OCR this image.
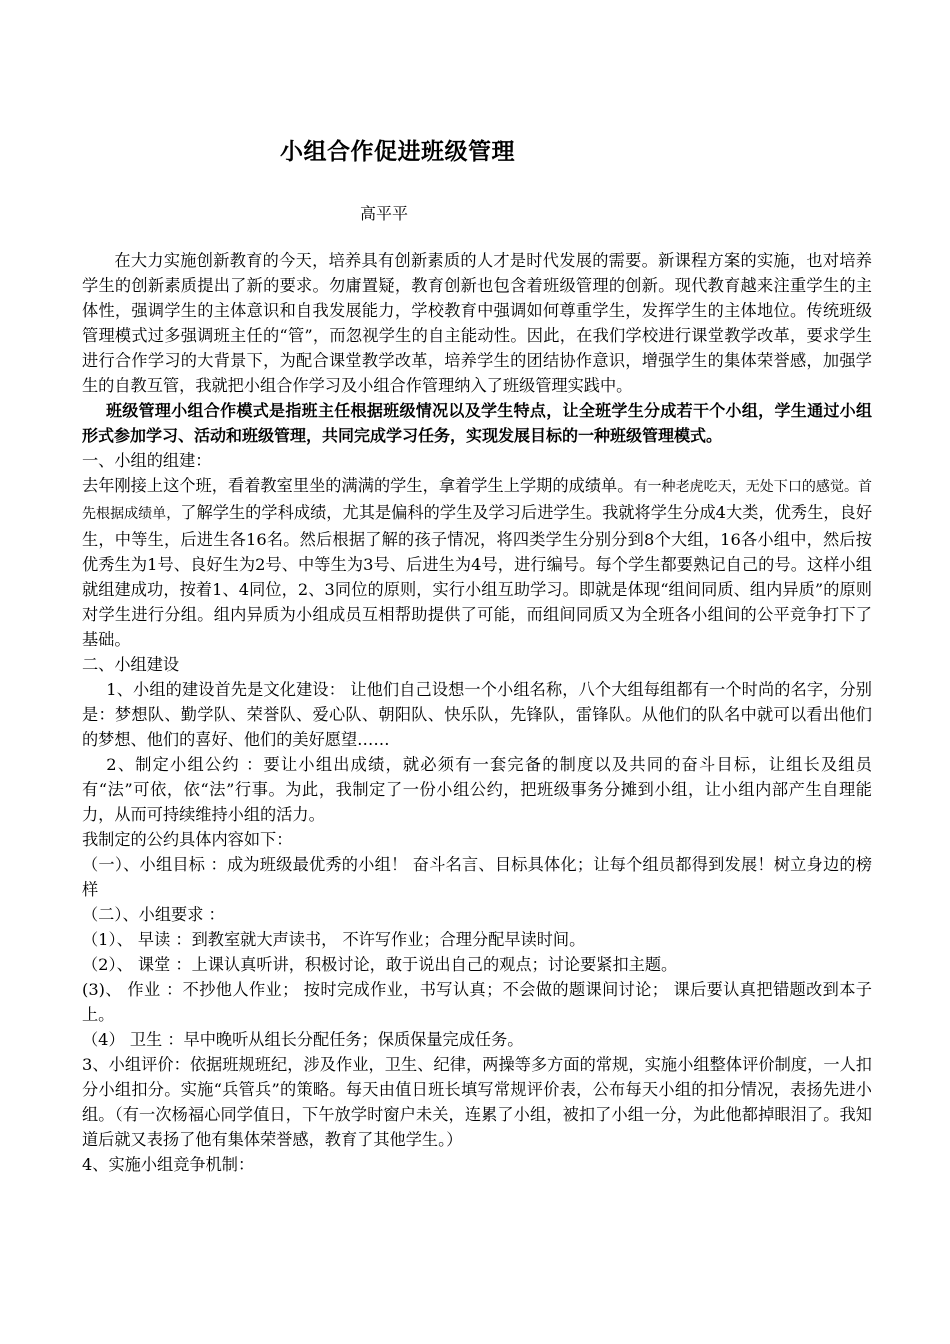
小组合作促进班级管理
高平平

在大力实施创新教育的今天，培养具有创新素质的人才是时代发展的需要。新课程方案的实施，也对培养学生的创新素质提出了新的要求。勿庸置疑，教育创新也包含着班级管理的创新。现代教育越来注重学生的主体性，强调学生的主体意识和自我发展能力，学校教育中强调如何尊重学生，发挥学生的主体地位。传统班级管理模式过多强调班主任的“管”，而忽视学生的自主能动性。因此，在我们学校进行课堂教学改革，要求学生进行合作学习的大背景下，为配合课堂教学改革，培养学生的团结协作意识，增强学生的集体荣誉感，加强学生的自教互管，我就把小组合作学习及小组合作管理纳入了班级管理实践中。

班级管理小组合作模式是指班主任根据班级情况以及学生特点，让全班学生分成若干个小组，学生通过小组形式参加学习、活动和班级管理，共同完成学习任务，实现发展目标的一种班级管理模式。

一、小组的组建：

去年刚接上这个班，看着教室里坐的满满的学生，拿着学生上学期的成绩单。有一种老虎吃天，无处下口的感觉。首先根据成绩单，了解学生的学科成绩，尤其是偏科的学生及学习后进学生。我就将学生分成4大类，优秀生，良好生，中等生，后进生各16名。然后根据了解的孩子情况，将四类学生分别分到8个大组，16各小组中，然后按优秀生为1号、良好生为2号、中等生为3号、后进生为4号，进行编号。每个学生都要熟记自己的号。这样小组就组建成功，按着1、4同位，2、3同位的原则，实行小组互助学习。即就是体现“组间同质、组内异质”的原则对学生进行分组。组内异质为小组成员互相帮助提供了可能，而组间同质又为全班各小组间的公平竞争打下了基础。

二、小组建设

1、小组的建设首先是文化建设： 让他们自己设想一个小组名称，八个大组每组都有一个时尚的名字，分别是：梦想队、勤学队、荣誉队、爱心队、朝阳队、快乐队，先锋队，雷锋队。从他们的队名中就可以看出他们的梦想、他们的喜好、他们的美好愿望……

2、制定小组公约 ：要让小组出成绩，就必须有一套完备的制度以及共同的奋斗目标，让组长及组员有“法”可依，依“法”行事。为此，我制定了一份小组公约，把班级事务分摊到小组，让小组内部产生自理能力，从而可持续维持小组的活力。

我制定的公约具体内容如下：

（一）、小组目标 ：成为班级最优秀的小组！ 奋斗名言、目标具体化；让每个组员都得到发展！树立身边的榜样

（二）、小组要求 ：

（1）、 早读 ：到教室就大声读书， 不许写作业；合理分配早读时间。

（2）、 课堂 ：上课认真听讲，积极讨论，敢于说出自己的观点；讨论要紧扣主题。

(3)、 作业 ：不抄他人作业； 按时完成作业，书写认真；不会做的题课间讨论； 课后要认真把错题改到本子上。

（4） 卫生 ：早中晚听从组长分配任务；保质保量完成任务。

3、小组评价：依据班规班纪，涉及作业，卫生、纪律，两操等多方面的常规，实施小组整体评价制度，一人扣分小组扣分。实施“兵管兵”的策略。每天由值日班长填写常规评价表，公布每天小组的扣分情况，表扬先进小组。（有一次杨福心同学值日，下午放学时窗户未关，连累了小组，被扣了小组一分，为此他都掉眼泪了。我知道后就又表扬了他有集体荣誉感，教育了其他学生。）

4、实施小组竞争机制：
